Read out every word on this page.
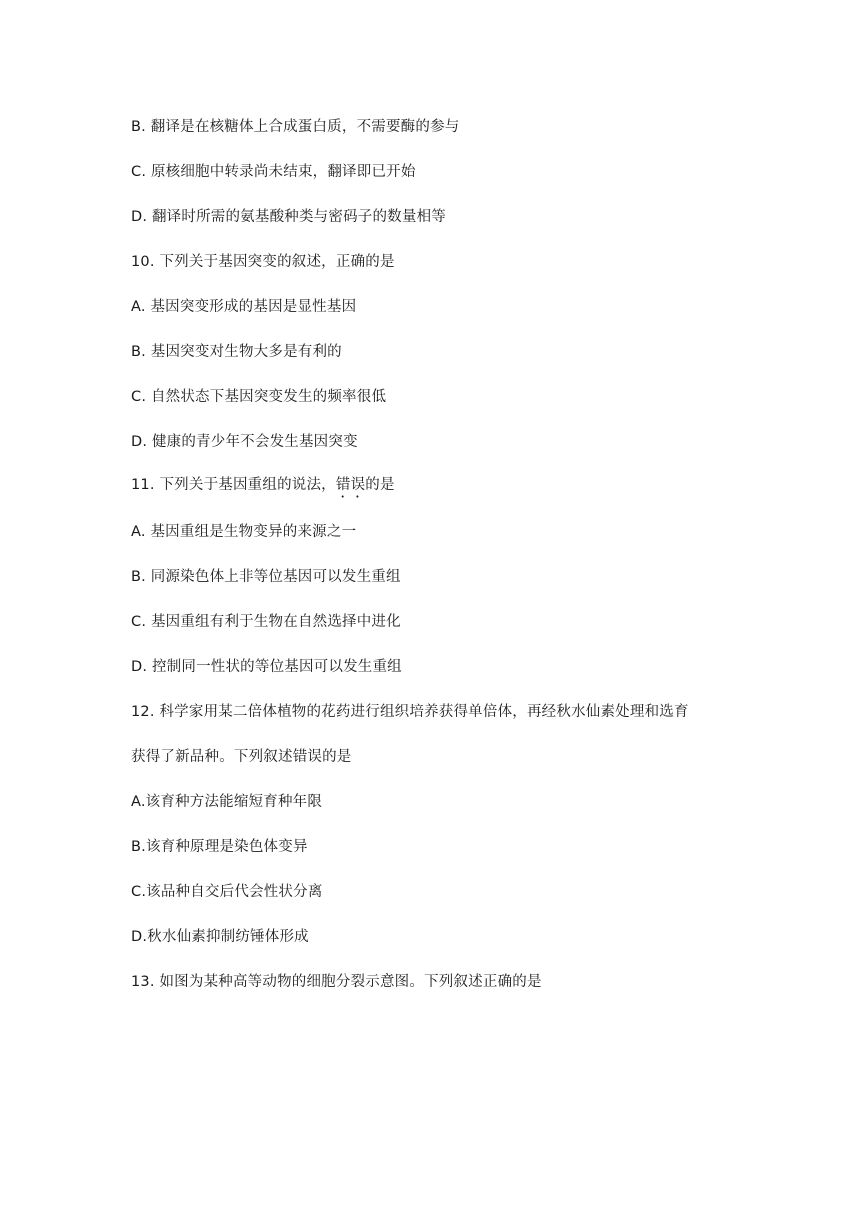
B. 翻译是在核糖体上合成蛋白质，不需要酶的参与
C. 原核细胞中转录尚未结束，翻译即已开始
D. 翻译时所需的氨基酸种类与密码子的数量相等
10. 下列关于基因突变的叙述，正确的是
A. 基因突变形成的基因是显性基因
B. 基因突变对生物大多是有利的
C. 自然状态下基因突变发生的频率很低
D. 健康的青少年不会发生基因突变
11. 下列关于基因重组的说法，错误的是
A. 基因重组是生物变异的来源之一
B. 同源染色体上非等位基因可以发生重组
C. 基因重组有利于生物在自然选择中进化
D. 控制同一性状的等位基因可以发生重组
12. 科学家用某二倍体植物的花药进行组织培养获得单倍体，再经秋水仙素处理和选育
获得了新品种。下列叙述错误的是
A.该育种方法能缩短育种年限
B.该育种原理是染色体变异
C.该品种自交后代会性状分离
D.秋水仙素抑制纺锤体形成
13. 如图为某种高等动物的细胞分裂示意图。下列叙述正确的是
